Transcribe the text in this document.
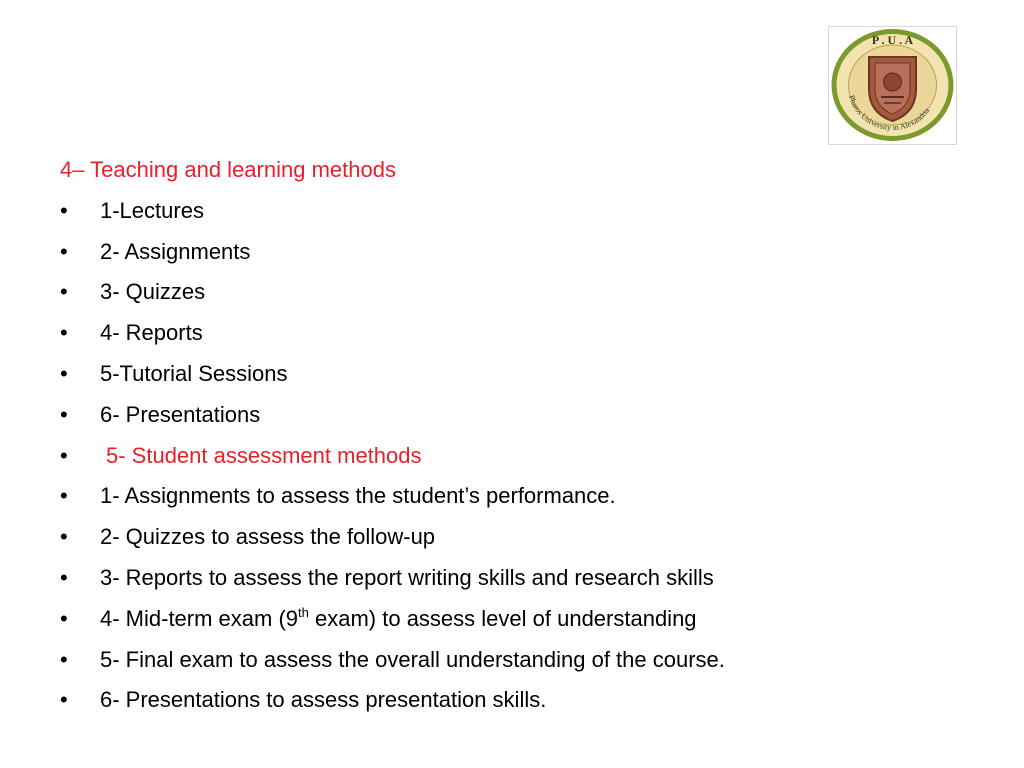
P . U . A
Pharos University in Alexandria
4– Teaching and learning methods
•	1-Lectures
•	2- Assignments
•	3- Quizzes
•	4- Reports
•	5-Tutorial Sessions
•	6- Presentations
•	5- Student assessment methods
•	1- Assignments to assess the student’s performance.
•	2- Quizzes to assess the follow-up
•	3- Reports to assess the report writing skills and research skills
•	4- Mid-term exam (9th exam) to assess level of understanding
•	5- Final exam to assess the overall understanding of the course.
•	6- Presentations to assess presentation skills.
